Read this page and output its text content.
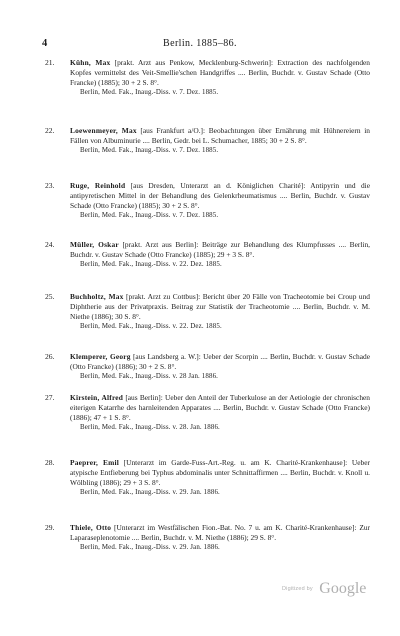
4	Berlin. 1885–86.
21. Kühn, Max [prakt. Arzt aus Penkow, Mecklenburg-Schwerin]: Extraction des nachfolgenden Kopfes vermittelst des Veit-Smellie'schen Handgriffes .... Berlin, Buchdr. v. Gustav Schade (Otto Francke) (1885); 30 + 2 S. 8°.
Berlin, Med. Fak., Inaug.-Diss. v. 7. Dez. 1885.
22. Loewenmeyer, Max [aus Frankfurt a/O.]: Beobachtungen über Ernährung mit Hühnereiern in Fällen von Albuminurie .... Berlin, Gedr. bei L. Schumacher, 1885; 30 + 2 S. 8°.
Berlin, Med. Fak., Inaug.-Diss. v. 7. Dez. 1885.
23. Ruge, Reinhold [aus Dresden, Unterarzt an d. Königlichen Charité]: Antipyrin und die antipyretischen Mittel in der Behandlung des Gelenkrheumatismus .... Berlin, Buchdr. v. Gustav Schade (Otto Francke) (1885); 30 + 2 S. 8°.
Berlin, Med. Fak., Inaug.-Diss. v. 7. Dez. 1885.
24. Müller, Oskar [prakt. Arzt aus Berlin]: Beiträge zur Behandlung des Klumpfusses .... Berlin, Buchdr. v. Gustav Schade (Otto Francke) (1885); 29 + 3 S. 8°.
Berlin, Med. Fak., Inaug.-Diss. v. 22. Dez. 1885.
25. Buchholtz, Max [prakt. Arzt zu Cottbus]: Bericht über 20 Fälle von Tracheotomie bei Croup und Diphtherie aus der Privatpraxis. Beitrag zur Statistik der Tracheotomie .... Berlin, Buchdr. v. M. Niethe (1886); 30 S. 8°.
Berlin, Med. Fak., Inaug.-Diss. v. 22. Dez. 1885.
26. Klemperer, Georg [aus Landsberg a. W.]: Ueber der Scorpin .... Berlin, Buchdr. v. Gustav Schade (Otto Francke) (1886); 30 + 2 S. 8°.
Berlin, Med. Fak., Inaug.-Diss. v. 28 Jan. 1886.
27. Kirstein, Alfred [aus Berlin]: Ueber den Anteil der Tuberkulose an der Aetiologie der chronischen eiterigen Katarrhe des harnleitenden Apparates .... Berlin, Buchdr. v. Gustav Schade (Otto Francke) (1886); 47 + 1 S. 8°.
Berlin, Med. Fak., Inaug.-Diss. v. 28. Jan. 1886.
28. Paeprer, Emil [Unterarzt im Garde-Fuss-Art.-Reg. u. am K. Charité-Krankenhause]: Ueber atypische Entfieberung bei Typhus abdominalis unter Schnittaffirmen .... Berlin, Buchdr. v. Knoll u. Wölbling (1886); 29 + 3 S. 8°.
Berlin, Med. Fak., Inaug.-Diss. v. 29. Jan. 1886.
29. Thiele, Otto [Unterarzt im Westfälischen Fion.-Bat. No. 7 u. am K. Charité-Krankenhause]: Zur Laparaseplenotomie .... Berlin, Buchdr. v. M. Niethe (1886); 29 S. 8°.
Berlin, Med. Fak., Inaug.-Diss. v. 29. Jan. 1886.
Digitized by Google
